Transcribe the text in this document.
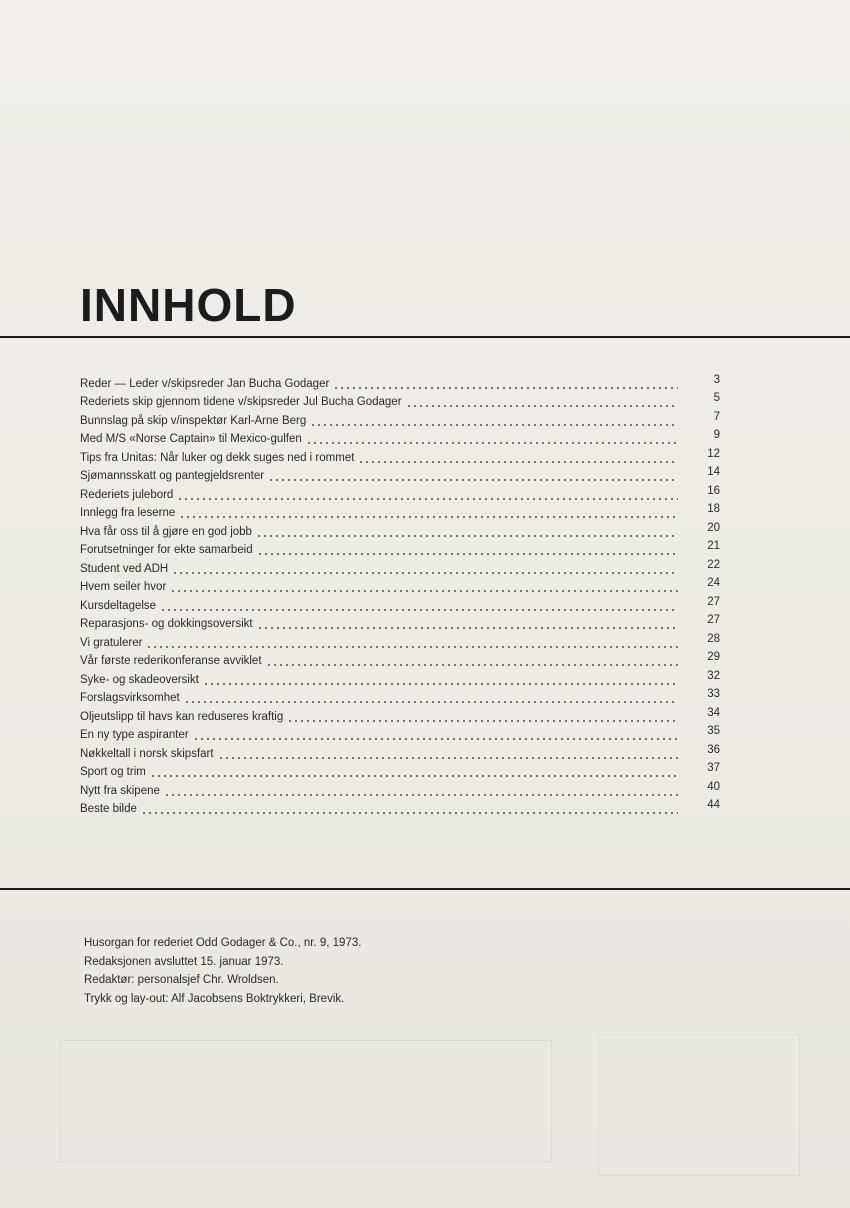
INNHOLD
Reder — Leder v/skipsreder Jan Bucha Godager	3
Rederiets skip gjennom tidene v/skipsreder Jul Bucha Godager	5
Bunnslag på skip v/inspektør Karl-Arne Berg	7
Med M/S «Norse Captain» til Mexico-gulfen	9
Tips fra Unitas: Når luker og dekk suges ned i rommet	12
Sjømannsskatt og pantegjeldsrenter	14
Rederiets julebord	16
Innlegg fra leserne	18
Hva får oss til å gjøre en god jobb	20
Forutsetninger for ekte samarbeid	21
Student ved ADH	22
Hvem seiler hvor	24
Kursdeltagelse	27
Reparasjons- og dokkingsoversikt	27
Vi gratulerer	28
Vår første rederikonferanse avviklet	29
Syke- og skadeoversikt	32
Forslagsvirksomhet	33
Oljeutslipp til havs kan reduseres kraftig	34
En ny type aspiranter	35
Nøkkeltall i norsk skipsfart	36
Sport og trim	37
Nytt fra skipene	40
Beste bilde	44
Husorgan for rederiet Odd Godager & Co., nr. 9, 1973.
Redaksjonen avsluttet 15. januar 1973.
Redaktør: personalsjef Chr. Wroldsen.
Trykk og lay-out: Alf Jacobsens Boktrykkeri, Brevik.
